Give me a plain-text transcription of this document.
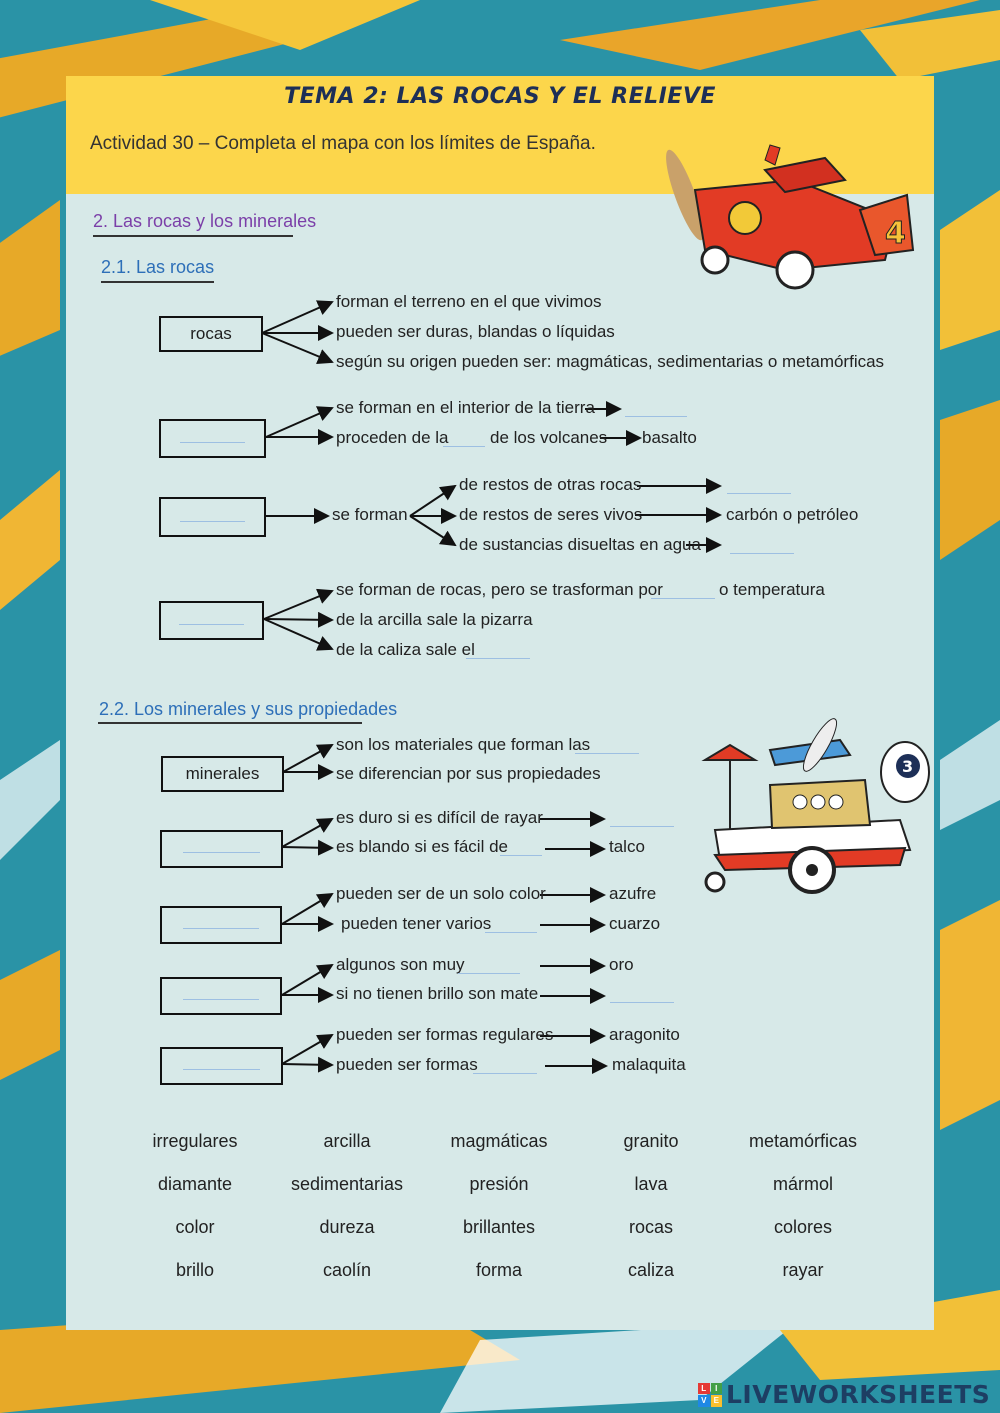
TEMA 2: LAS ROCAS Y EL RELIEVE
Actividad 30 – Completa el mapa con los límites de España.
2. Las rocas y los minerales
2.1. Las rocas
rocas
minerales
forman el terreno en el que vivimos
pueden ser duras, blandas o líquidas
según su origen pueden ser: magmáticas, sedimentarias o metamórficas
se forman en el interior de la tierra
proceden de la de los volcanes basalto
se forman
de restos de otras rocas
de restos de seres vivos	carbón o petróleo
de sustancias disueltas en agua
se forman de rocas, pero se trasforman por	o temperatura
de la arcilla sale la pizarra
de la caliza sale el
2.2. Los minerales y sus propiedades
son los materiales que forman las
se diferencian por sus propiedades
es duro si es difícil de rayar
es blando si es fácil de	talco
pueden ser de un solo color	azufre
pueden tener varios	cuarzo
algunos son muy	oro
si no tienen brillo son mate
pueden ser formas regulares	aragonito
pueden ser formas	malaquita
irregulares	arcilla	magmáticas	granito	metamórficas
diamante	sedimentarias	presión	lava	mármol
color	dureza	brillantes	rocas	colores
brillo	caolín	forma	caliza	rayar
4
3
L	I
V E LIVEWORKSHEETS
